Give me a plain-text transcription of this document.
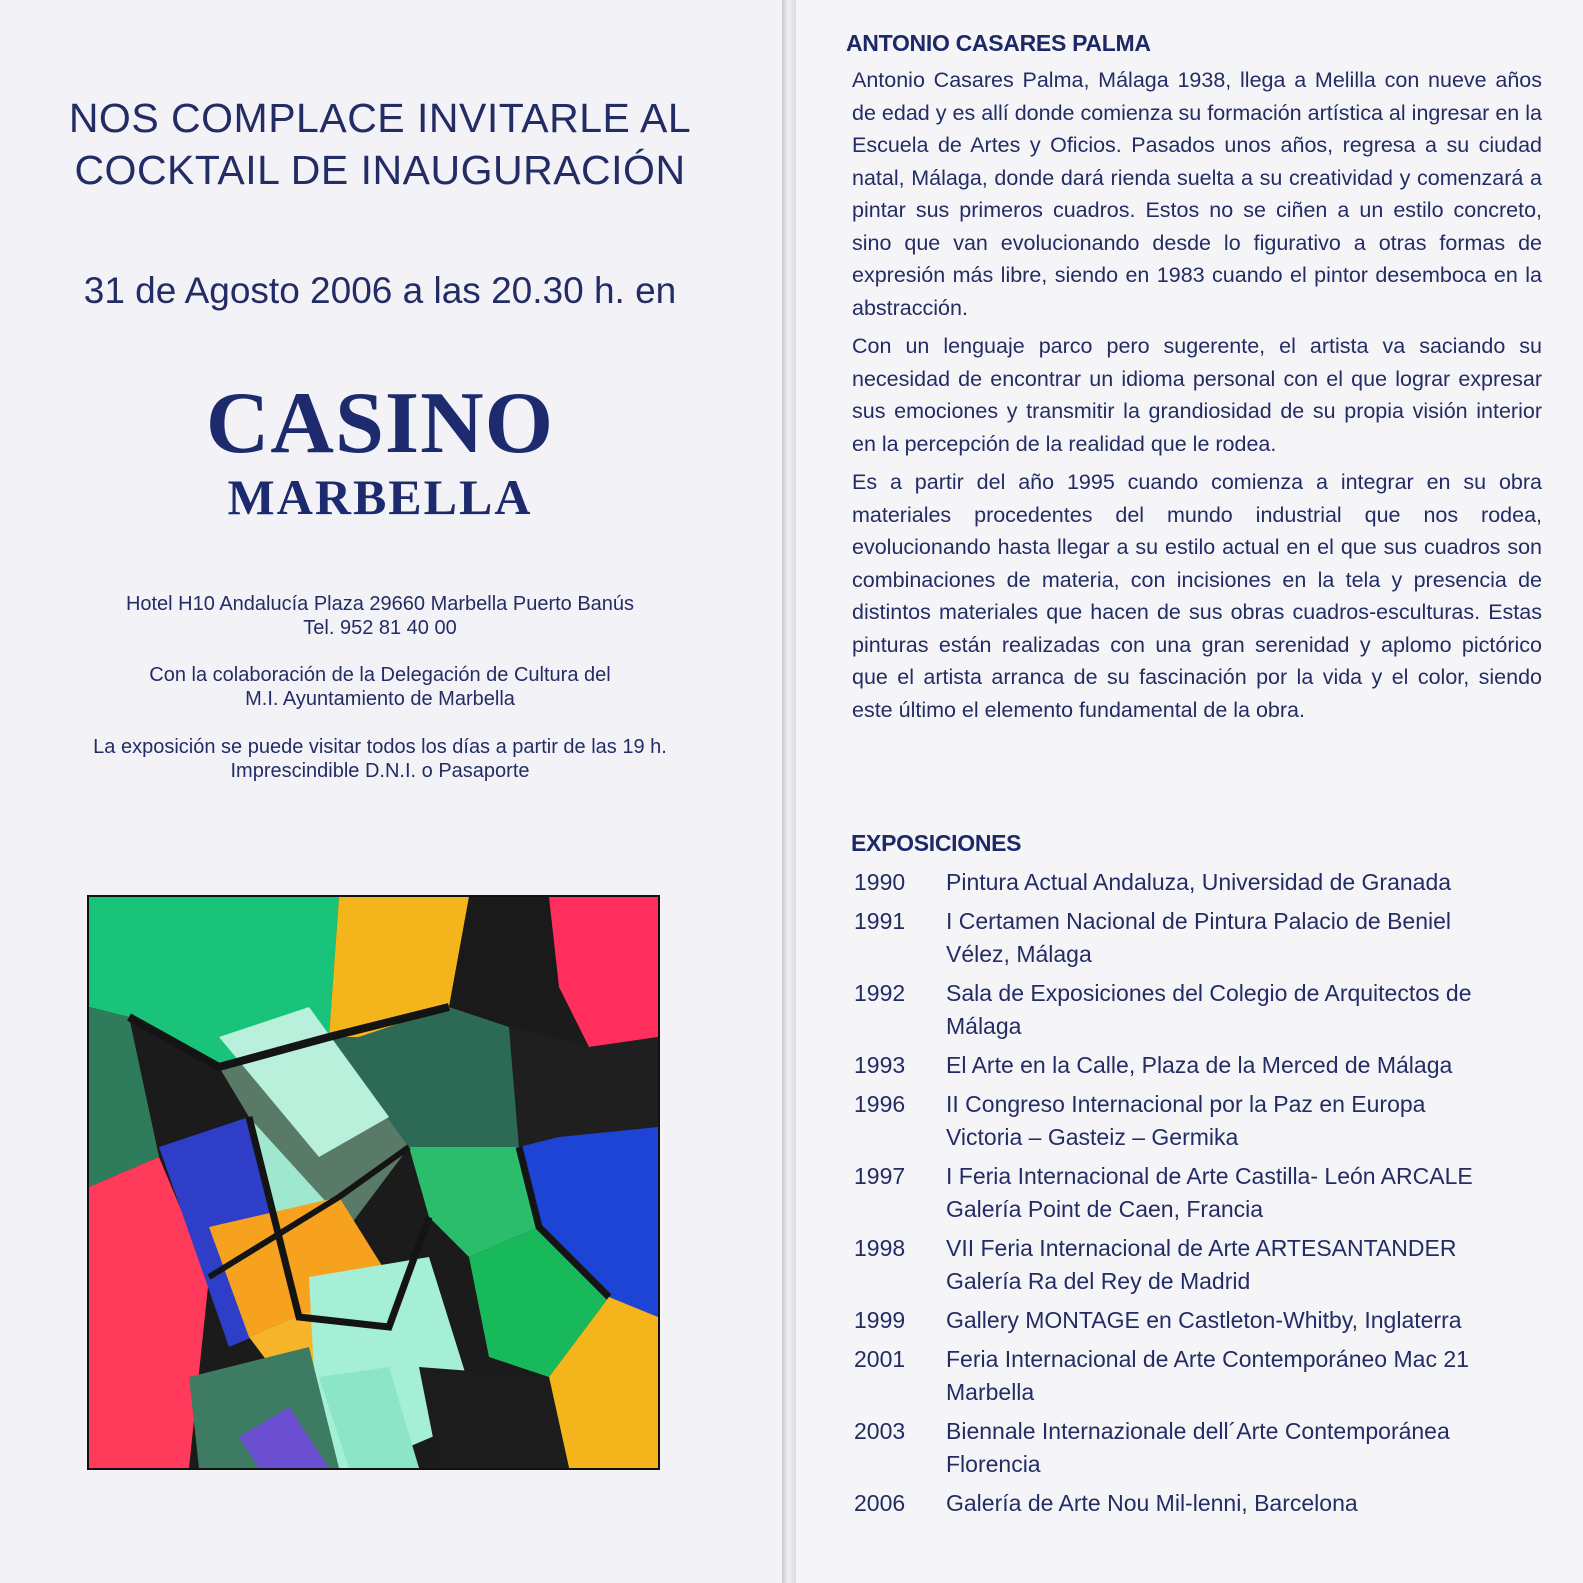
NOS COMPLACE INVITARLE AL
COCKTAIL DE INAUGURACIÓN
31 de Agosto 2006 a las 20.30 h. en
CASINO
MARBELLA
Hotel H10 Andalucía Plaza 29660 Marbella Puerto Banús
Tel. 952 81 40 00
Con la colaboración de la Delegación de Cultura del
M.I. Ayuntamiento de Marbella
La exposición se puede visitar todos los días a partir de las 19 h.
Imprescindible D.N.I. o Pasaporte
ANTONIO CASARES PALMA

Antonio Casares Palma, Málaga 1938, llega a Melilla con nueve años de edad y es allí donde comienza su formación artística al ingresar en la Escuela de Artes y Oficios. Pasados unos años, regresa a su ciudad natal, Málaga, donde dará rienda suelta a su creatividad y comenzará a pintar sus primeros cuadros. Estos no se ciñen a un estilo concreto, sino que van evolucionando desde lo figurativo a otras formas de expresión más libre, siendo en 1983 cuando el pintor desemboca en la abstracción.

Con un lenguaje parco pero sugerente, el artista va saciando su necesidad de encontrar un idioma personal con el que lograr expresar sus emociones y transmitir la grandiosidad de su propia visión interior en la percepción de la realidad que le rodea.

Es a partir del año 1995 cuando comienza a integrar en su obra materiales procedentes del mundo industrial que nos rodea, evolucionando hasta llegar a su estilo actual en el que sus cuadros son combinaciones de materia, con incisiones en la tela y presencia de distintos materiales que hacen de sus obras cuadros-esculturas. Estas pinturas están realizadas con una gran serenidad y aplomo pictórico que el artista arranca de su fascinación por la vida y el color, siendo este último el elemento fundamental de la obra.

EXPOSICIONES
1990	Pintura Actual Andaluza, Universidad de Granada
1991	I Certamen Nacional de Pintura Palacio de Beniel
Vélez, Málaga
1992	Sala de Exposiciones del Colegio de Arquitectos de
Málaga
1993	El Arte en la Calle, Plaza de la Merced de Málaga
1996	II Congreso Internacional por la Paz en Europa
Victoria – Gasteiz – Germika
1997	I Feria Internacional de Arte Castilla- León ARCALE
Galería Point de Caen, Francia
1998	VII Feria Internacional de Arte ARTESANTANDER
Galería Ra del Rey de Madrid
1999	Gallery MONTAGE en Castleton-Whitby, Inglaterra
2001	Feria Internacional de Arte Contemporáneo Mac 21
Marbella
2003	Biennale Internazionale dell´Arte Contemporánea
Florencia
2006	Galería de Arte Nou Mil-lenni, Barcelona
